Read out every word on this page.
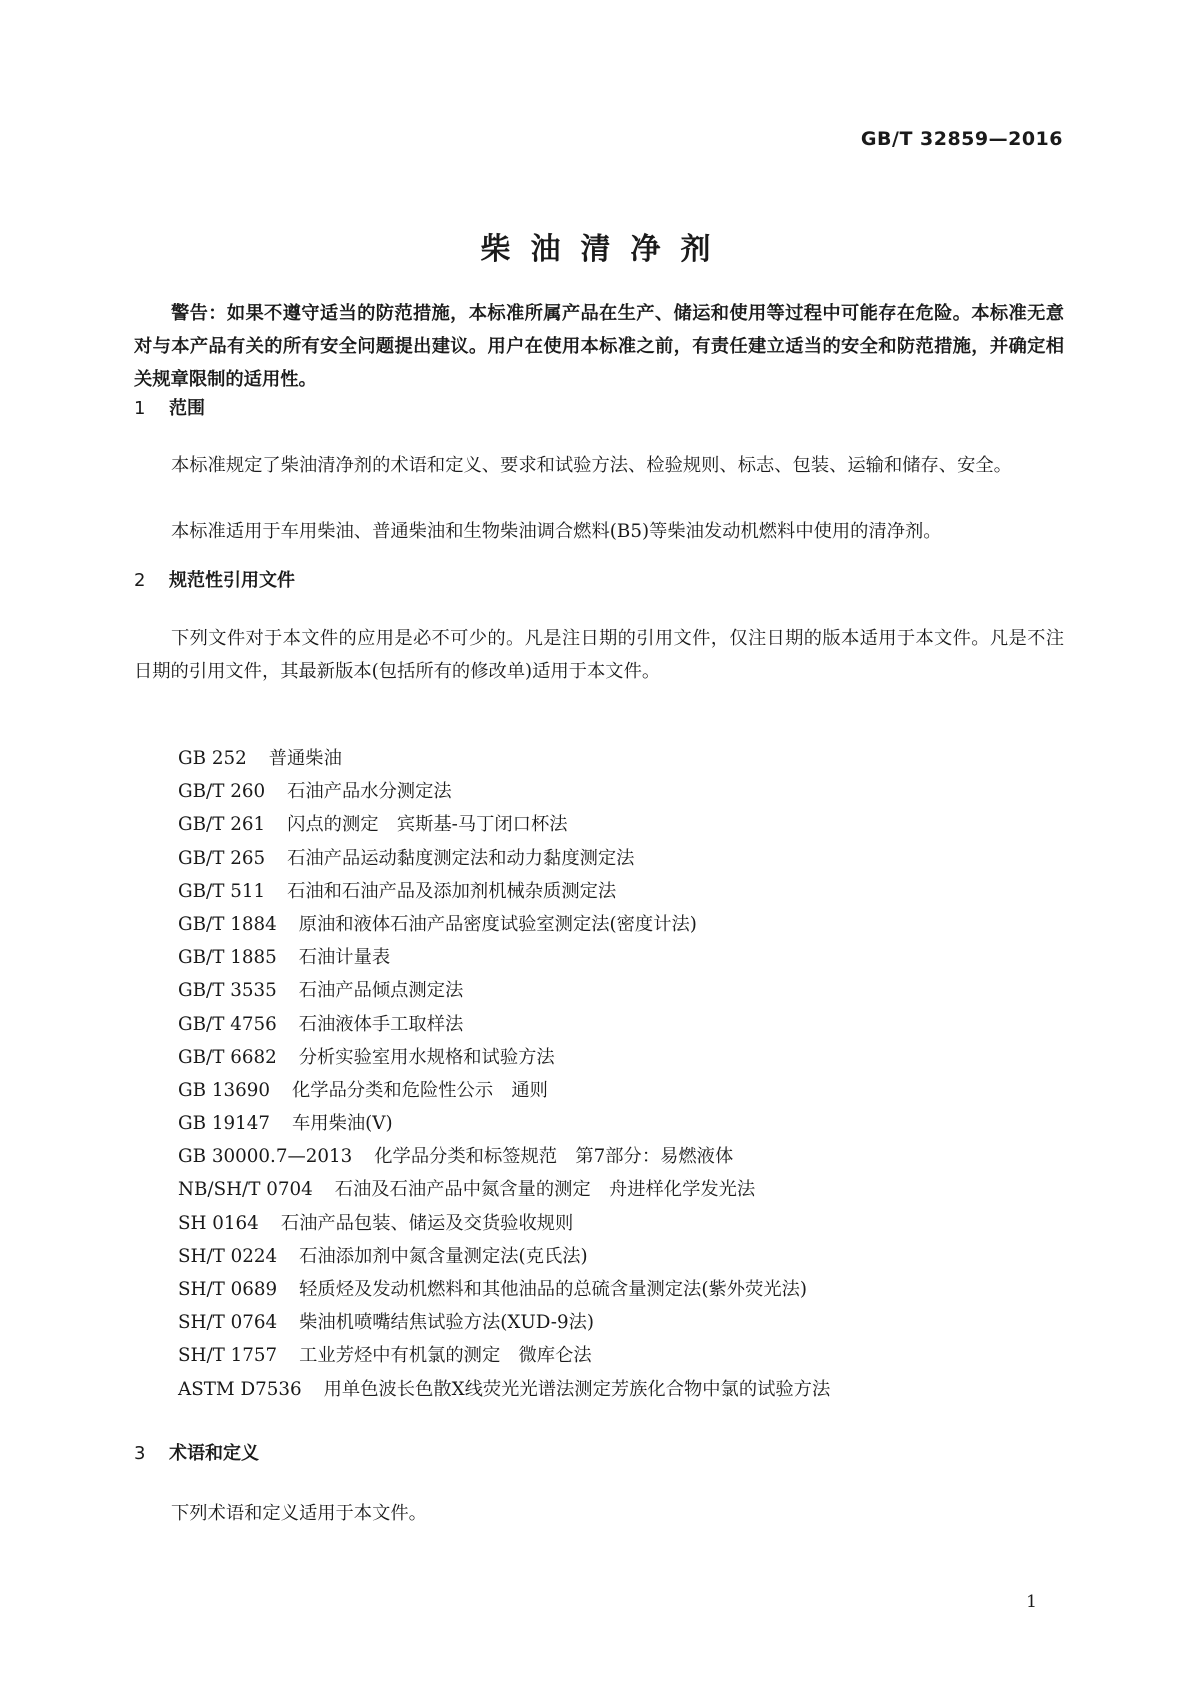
GB/T 32859—2016
柴油清净剂
警告：如果不遵守适当的防范措施，本标准所属产品在生产、储运和使用等过程中可能存在危险。本标准无意对与本产品有关的所有安全问题提出建议。用户在使用本标准之前，有责任建立适当的安全和防范措施，并确定相关规章限制的适用性。
1 范围
本标准规定了柴油清净剂的术语和定义、要求和试验方法、检验规则、标志、包装、运输和储存、安全。
本标准适用于车用柴油、普通柴油和生物柴油调合燃料(B5)等柴油发动机燃料中使用的清净剂。
2 规范性引用文件
下列文件对于本文件的应用是必不可少的。凡是注日期的引用文件，仅注日期的版本适用于本文件。凡是不注日期的引用文件，其最新版本(包括所有的修改单)适用于本文件。
GB 252 普通柴油
GB/T 260 石油产品水分测定法
GB/T 261 闪点的测定　宾斯基-马丁闭口杯法
GB/T 265 石油产品运动黏度测定法和动力黏度测定法
GB/T 511 石油和石油产品及添加剂机械杂质测定法
GB/T 1884 原油和液体石油产品密度试验室测定法(密度计法)
GB/T 1885 石油计量表
GB/T 3535 石油产品倾点测定法
GB/T 4756 石油液体手工取样法
GB/T 6682 分析实验室用水规格和试验方法
GB 13690 化学品分类和危险性公示　通则
GB 19147 车用柴油(Ⅴ)
GB 30000.7—2013 化学品分类和标签规范　第7部分：易燃液体
NB/SH/T 0704 石油及石油产品中氮含量的测定　舟进样化学发光法
SH 0164 石油产品包装、储运及交货验收规则
SH/T 0224 石油添加剂中氮含量测定法(克氏法)
SH/T 0689 轻质烃及发动机燃料和其他油品的总硫含量测定法(紫外荧光法)
SH/T 0764 柴油机喷嘴结焦试验方法(XUD-9法)
SH/T 1757 工业芳烃中有机氯的测定　微库仑法
ASTM D7536 用单色波长色散X线荧光光谱法测定芳族化合物中氯的试验方法
3 术语和定义
下列术语和定义适用于本文件。
1
